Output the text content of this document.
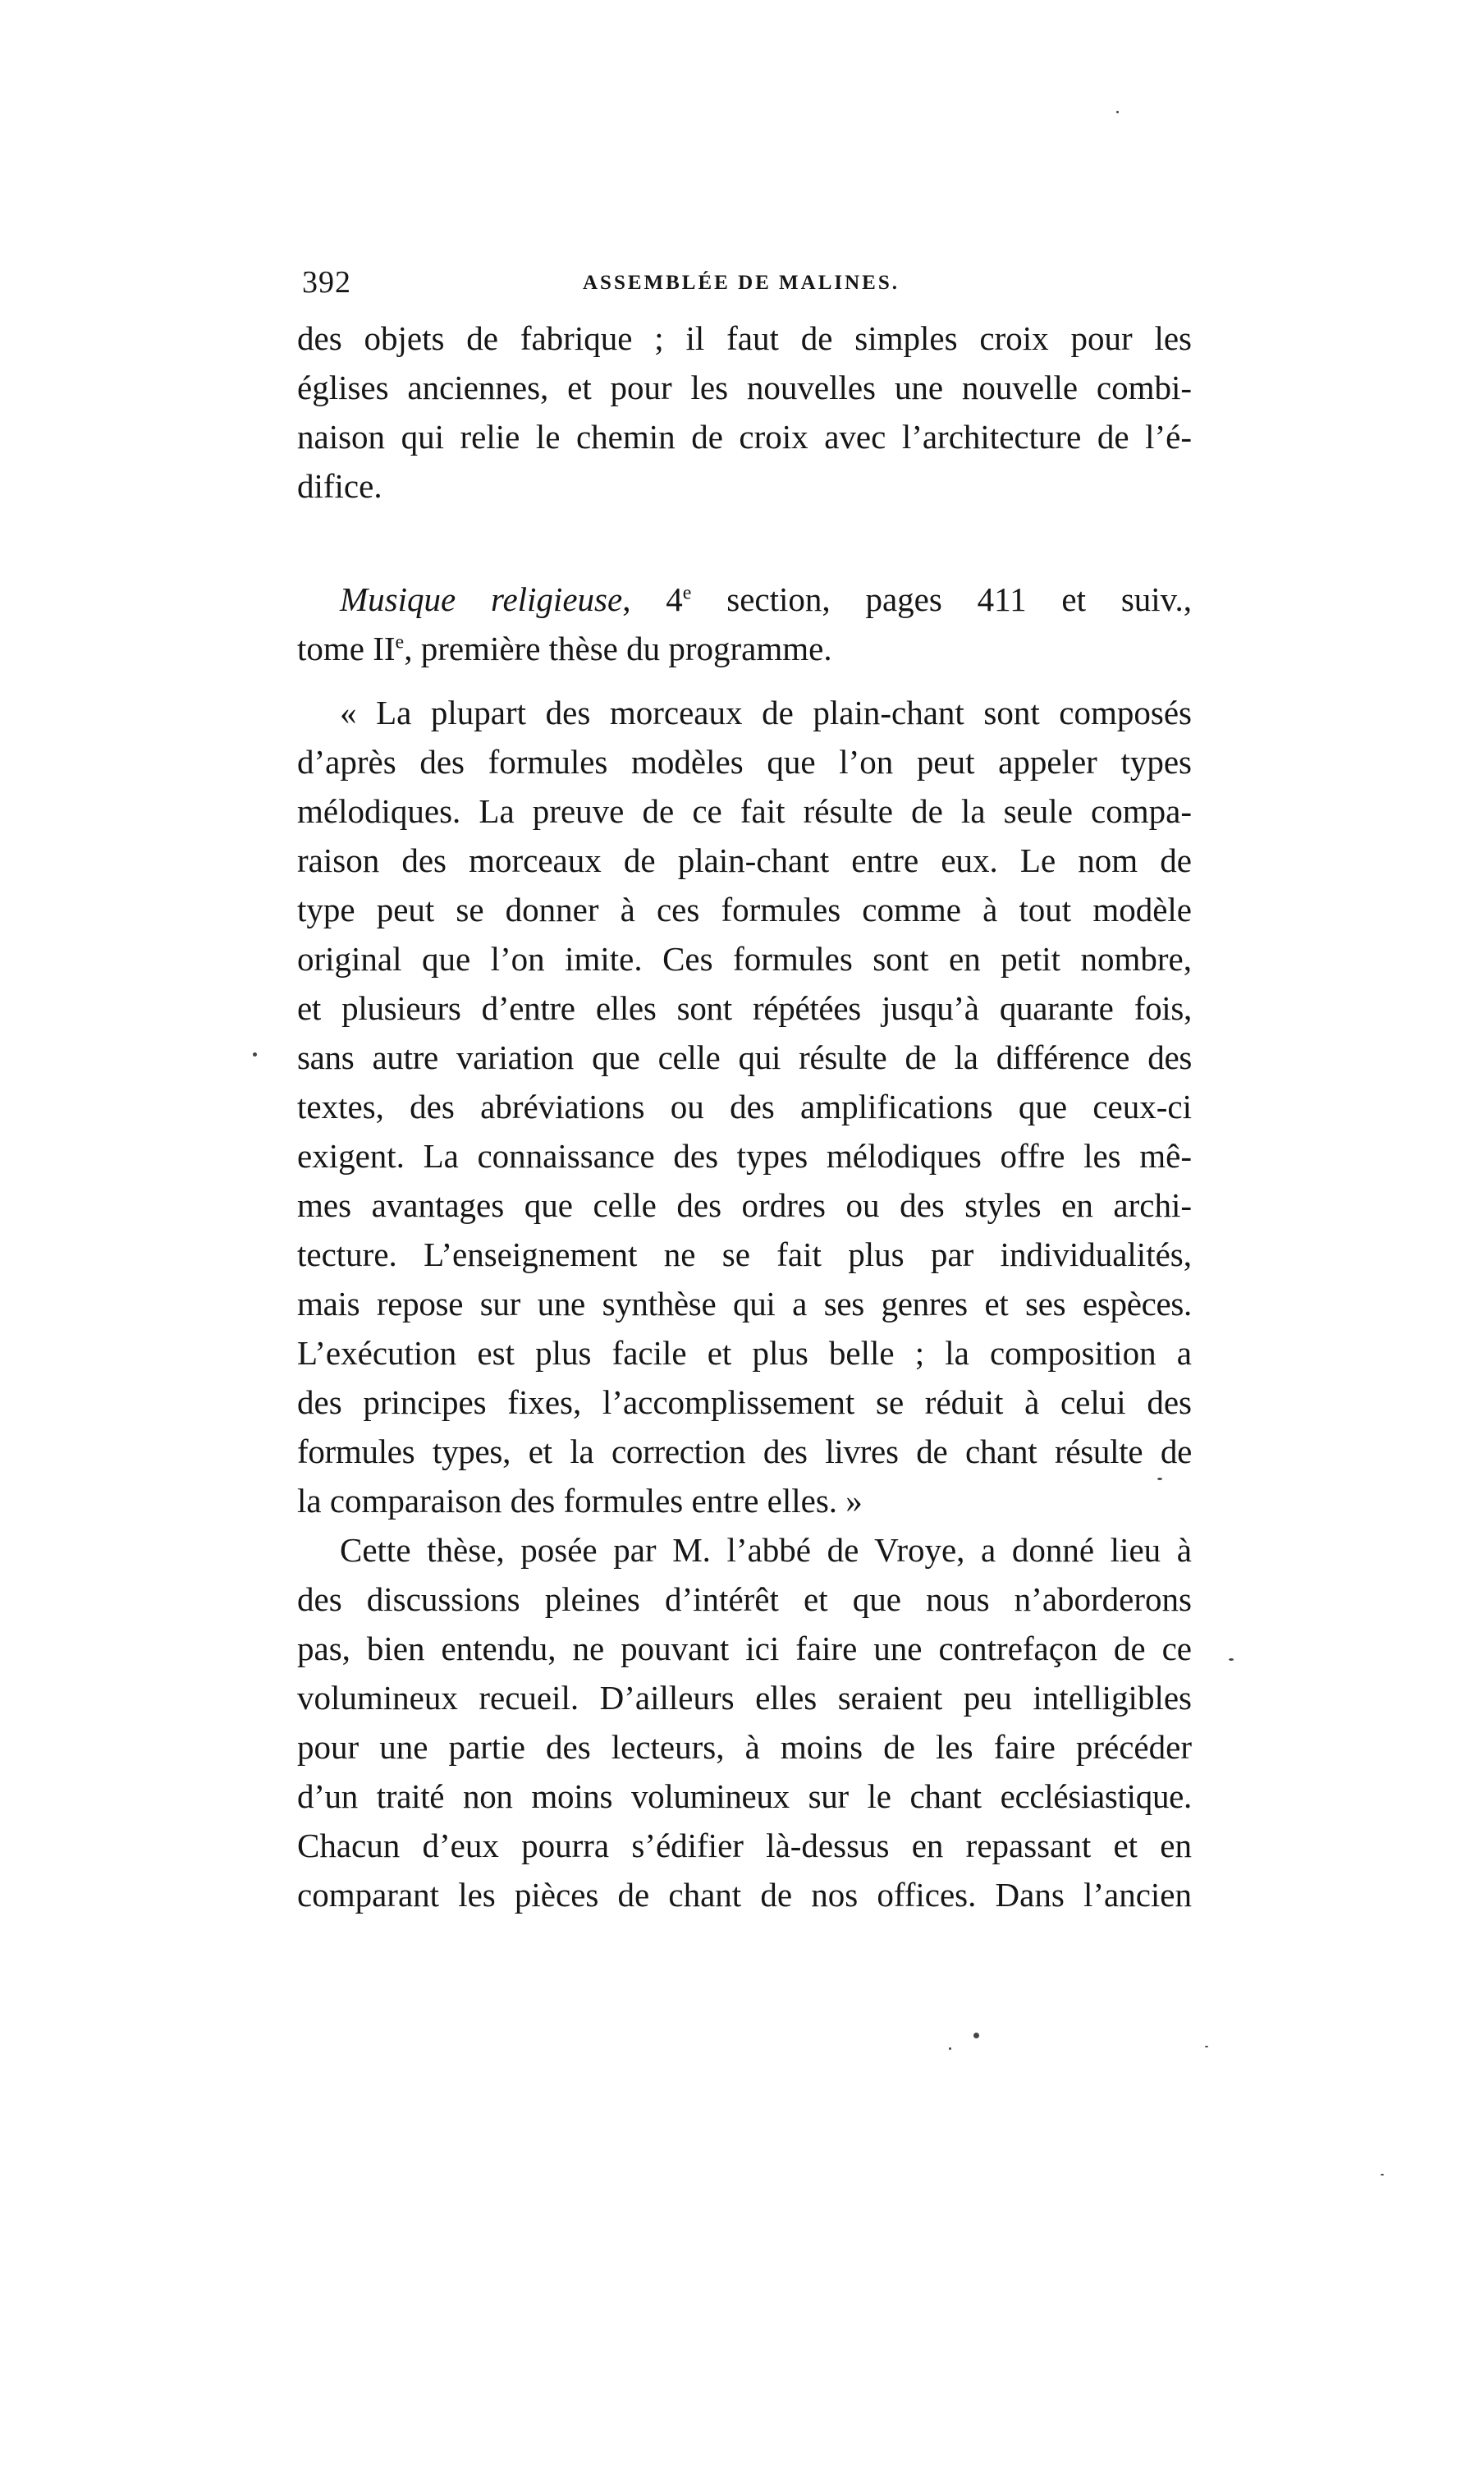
392	ASSEMBLÉE DE MALINES.
des objets de fabrique ; il faut de simples croix pour les
églises anciennes, et pour les nouvelles une nouvelle combi-
naison qui relie le chemin de croix avec l’architecture de l’é-
difice.
Musique religieuse, 4e section, pages 411 et suiv.,
tome IIe, première thèse du programme.
« La plupart des morceaux de plain-chant sont composés
d’après des formules modèles que l’on peut appeler types
mélodiques. La preuve de ce fait résulte de la seule compa-
raison des morceaux de plain-chant entre eux. Le nom de
type peut se donner à ces formules comme à tout modèle
original que l’on imite. Ces formules sont en petit nombre,
et plusieurs d’entre elles sont répétées jusqu’à quarante fois,
sans autre variation que celle qui résulte de la différence des
textes, des abréviations ou des amplifications que ceux-ci
exigent. La connaissance des types mélodiques offre les mê-
mes avantages que celle des ordres ou des styles en archi-
tecture. L’enseignement ne se fait plus par individualités,
mais repose sur une synthèse qui a ses genres et ses espèces.
L’exécution est plus facile et plus belle ; la composition a
des principes fixes, l’accomplissement se réduit à celui des
formules types, et la correction des livres de chant résulte de
la comparaison des formules entre elles. »
Cette thèse, posée par M. l’abbé de Vroye, a donné lieu à
des discussions pleines d’intérêt et que nous n’aborderons
pas, bien entendu, ne pouvant ici faire une contrefaçon de ce
volumineux recueil. D’ailleurs elles seraient peu intelligibles
pour une partie des lecteurs, à moins de les faire précéder
d’un traité non moins volumineux sur le chant ecclésiastique.
Chacun d’eux pourra s’édifier là-dessus en repassant et en
comparant les pièces de chant de nos offices. Dans l’ancien
